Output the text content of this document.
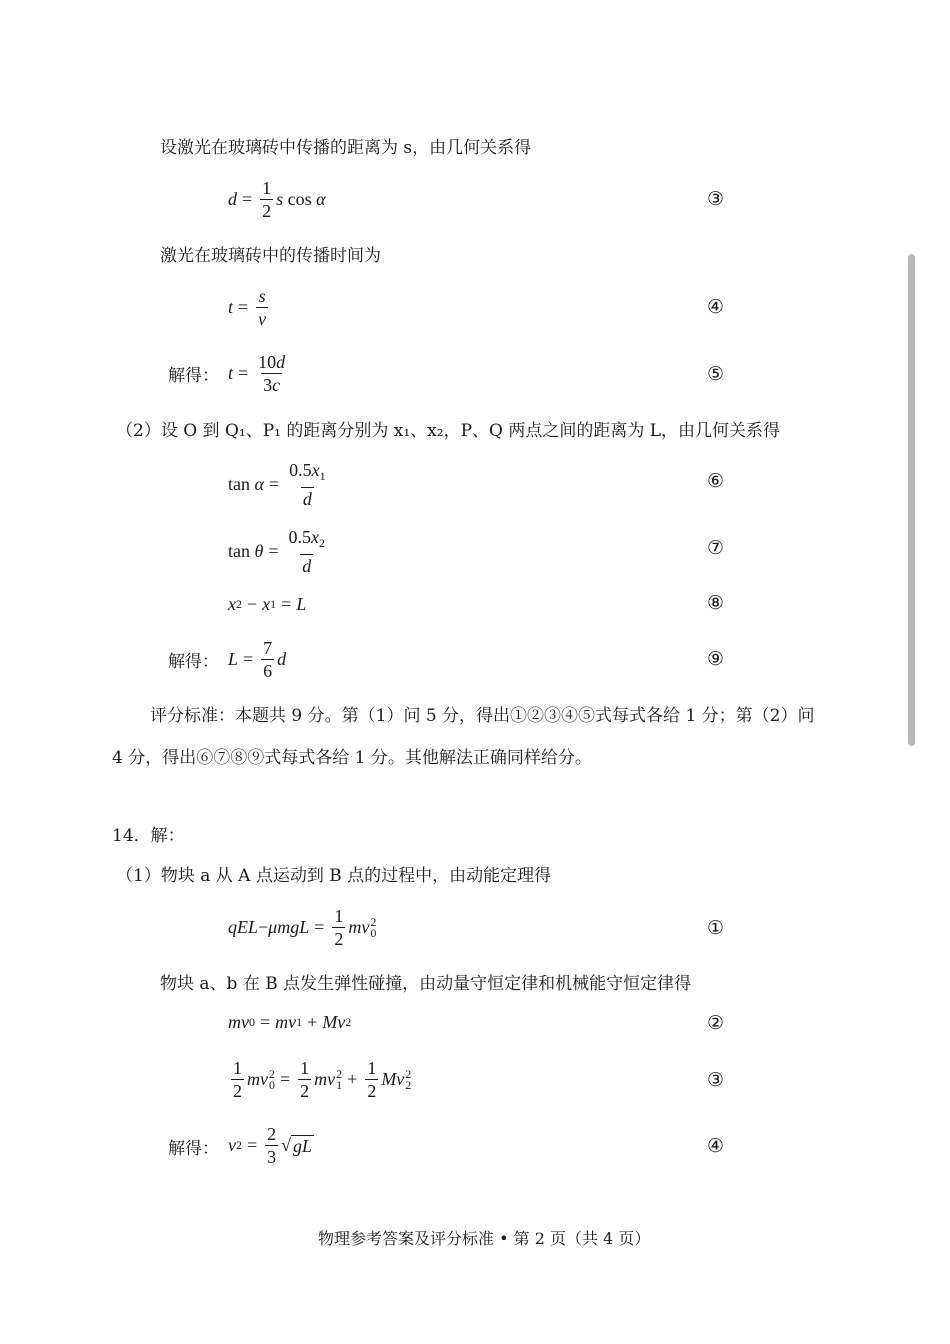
设激光在玻璃砖中传播的距离为 s，由几何关系得
$d = \frac{1}{2}$ s cos α	③
激光在玻璃砖中的传播时间为
$t = \frac{s}{v}$	④
解得： $t = \frac{10d}{3c}$	⑤
（2）设 O 到 Q₁、P₁ 的距离分别为 x₁、x₂，P、Q 两点之间的距离为 L，由几何关系得
$\tan \alpha = \frac{0.5x_1}{d}$	⑥
$\tan \theta = \frac{0.5x_2}{d}$	⑦
x 2 − x 1 = L	⑧
解得： $L = \frac{7}{6}$ d	⑨
评分标准：本题共 9 分。第（1）问 5 分，得出①②③④⑤式每式各给 1 分；第（2）问
4 分，得出⑥⑦⑧⑨式每式各给 1 分。其他解法正确同样给分。
14．解：
（1）物块 a 从 A 点运动到 B 点的过程中，由动能定理得
qEL − $\mu mgL = \frac{1}{2}$ mv 2
0	①
物块 a、b 在 B 点发生弹性碰撞，由动量守恒定律和机械能守恒定律得
mv 0 = mv 1 + Mv 2	②
$\frac{1}{2}$ mv 2
$0 = \frac{1}{2}$ mv 2
$1 + \frac{1}{2}$ Mv 2
2	③
解得： v $2 = \frac{2}{3}$ √ gL	④
物理参考答案及评分标准 • 第 2 页（共 4 页）
